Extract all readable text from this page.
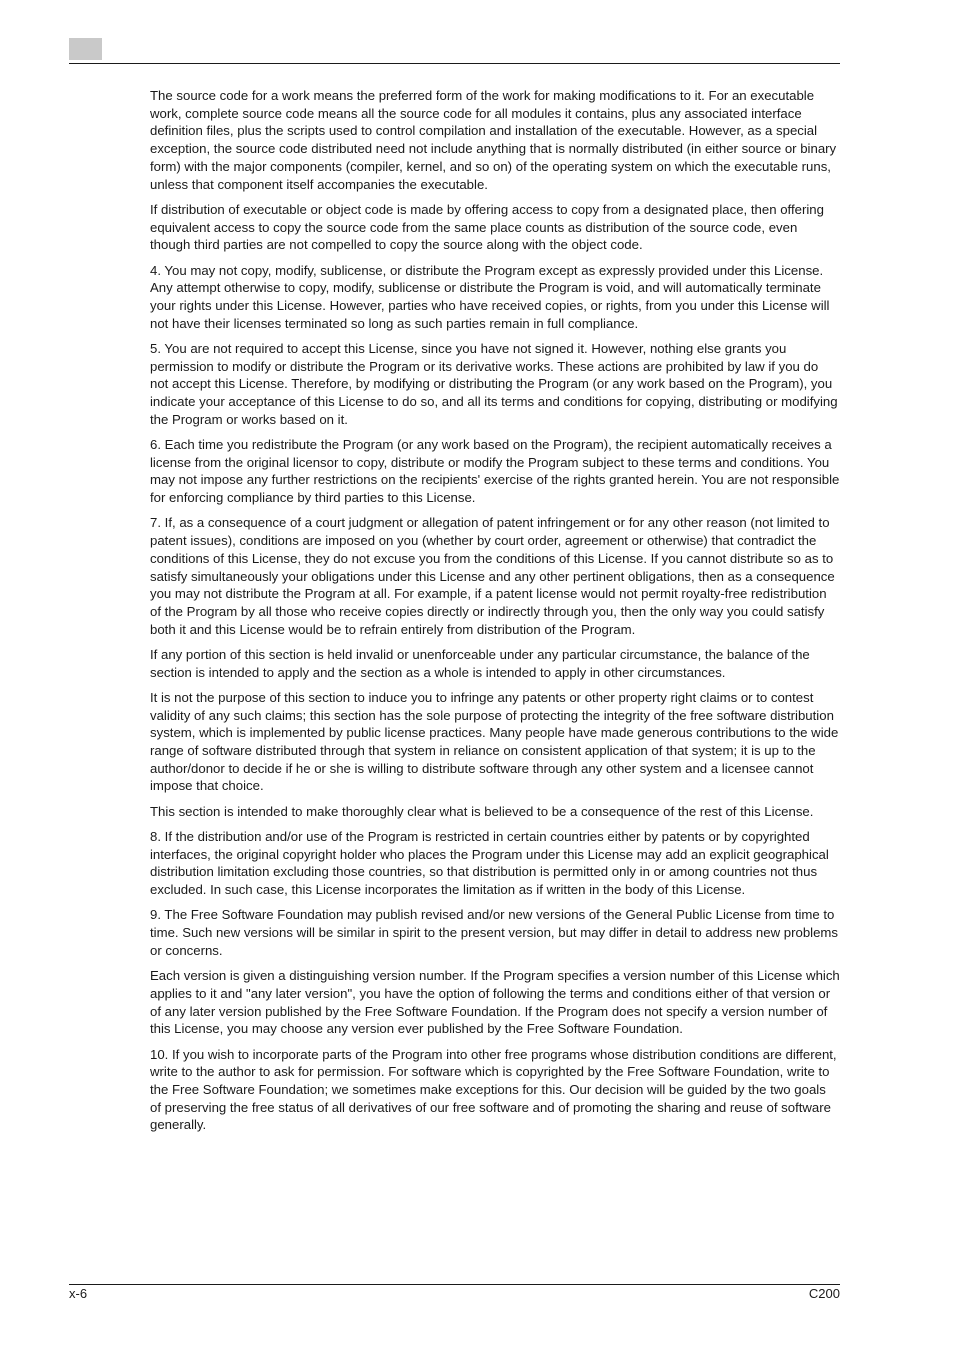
The source code for a work means the preferred form of the work for making modifications to it. For an executable work, complete source code means all the source code for all modules it contains, plus any associated interface definition files, plus the scripts used to control compilation and installation of the executable. However, as a special exception, the source code distributed need not include anything that is normally distributed (in either source or binary form) with the major components (compiler, kernel, and so on) of the operating system on which the executable runs, unless that component itself accompanies the executable.

If distribution of executable or object code is made by offering access to copy from a designated place, then offering equivalent access to copy the source code from the same place counts as distribution of the source code, even though third parties are not compelled to copy the source along with the object code.

4. You may not copy, modify, sublicense, or distribute the Program except as expressly provided under this License. Any attempt otherwise to copy, modify, sublicense or distribute the Program is void, and will automatically terminate your rights under this License. However, parties who have received copies, or rights, from you under this License will not have their licenses terminated so long as such parties remain in full compliance.

5. You are not required to accept this License, since you have not signed it. However, nothing else grants you permission to modify or distribute the Program or its derivative works. These actions are prohibited by law if you do not accept this License. Therefore, by modifying or distributing the Program (or any work based on the Program), you indicate your acceptance of this License to do so, and all its terms and conditions for copying, distributing or modifying the Program or works based on it.

6. Each time you redistribute the Program (or any work based on the Program), the recipient automatically receives a license from the original licensor to copy, distribute or modify the Program subject to these terms and conditions. You may not impose any further restrictions on the recipients' exercise of the rights granted herein. You are not responsible for enforcing compliance by third parties to this License.

7. If, as a consequence of a court judgment or allegation of patent infringement or for any other reason (not limited to patent issues), conditions are imposed on you (whether by court order, agreement or otherwise) that contradict the conditions of this License, they do not excuse you from the conditions of this License. If you cannot distribute so as to satisfy simultaneously your obligations under this License and any other pertinent obligations, then as a consequence you may not distribute the Program at all. For example, if a patent license would not permit royalty-free redistribution of the Program by all those who receive copies directly or indirectly through you, then the only way you could satisfy both it and this License would be to refrain entirely from distribution of the Program.

If any portion of this section is held invalid or unenforceable under any particular circumstance, the balance of the section is intended to apply and the section as a whole is intended to apply in other circumstances.

It is not the purpose of this section to induce you to infringe any patents or other property right claims or to contest validity of any such claims; this section has the sole purpose of protecting the integrity of the free software distribution system, which is implemented by public license practices. Many people have made generous contributions to the wide range of software distributed through that system in reliance on consistent application of that system; it is up to the author/donor to decide if he or she is willing to distribute software through any other system and a licensee cannot impose that choice.

This section is intended to make thoroughly clear what is believed to be a consequence of the rest of this License.

8. If the distribution and/or use of the Program is restricted in certain countries either by patents or by copyrighted interfaces, the original copyright holder who places the Program under this License may add an explicit geographical distribution limitation excluding those countries, so that distribution is permitted only in or among countries not thus excluded. In such case, this License incorporates the limitation as if written in the body of this License.

9. The Free Software Foundation may publish revised and/or new versions of the General Public License from time to time. Such new versions will be similar in spirit to the present version, but may differ in detail to address new problems or concerns.

Each version is given a distinguishing version number. If the Program specifies a version number of this License which applies to it and "any later version", you have the option of following the terms and conditions either of that version or of any later version published by the Free Software Foundation. If the Program does not specify a version number of this License, you may choose any version ever published by the Free Software Foundation.

10. If you wish to incorporate parts of the Program into other free programs whose distribution conditions are different, write to the author to ask for permission. For software which is copyrighted by the Free Software Foundation, write to the Free Software Foundation; we sometimes make exceptions for this. Our decision will be guided by the two goals of preserving the free status of all derivatives of our free software and of promoting the sharing and reuse of software generally.

x-6	C200
